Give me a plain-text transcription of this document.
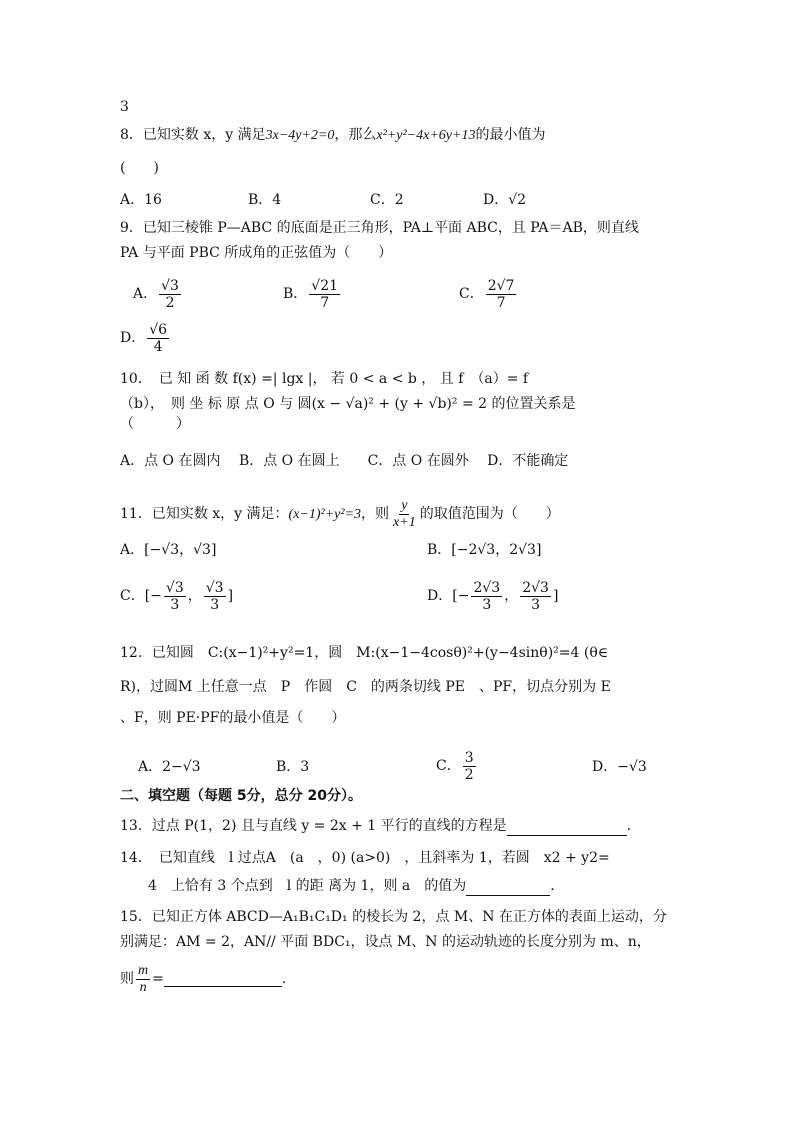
3
8．已知实数 x，y 满足3x−4y+2=0，那么x²+y²−4x+6y+13的最小值为
(　　)
A．16	B．4	C．2	D．√2
9．已知三棱锥 P—ABC 的底面是正三角形，PA⊥平面 ABC，且 PA＝AB，则直线
PA 与平面 PBC 所成角的正弦值为（　　）
A． $\frac{√3}{2}$	B． $\frac{√21}{7}$	C． $\frac{2√7}{7}$
D． $\frac{√6}{4}$
10．　已 知 函 数 f(x) =| lgx |， 若 0 < a < b ， 且 f　（a）= f
（b），　则 坐 标 原 点 O 与 圆(x − √a)² + (y + √b)² = 2 的位置关系是
（　　　）
A．点 O 在圆内　 B．点 O 在圆上　　C．点 O 在圆外　 D．不能确定
11．已知实数 x，y 满足：(x−1)²+y²=3，则 $\frac{y}{x+1}$ 的取值范围为（　　）
A．[−√3，√3]	B．[−2√3，2√3]
C．[− $\frac{√3}{3}$ ， $\frac{√3}{3}$ ]	D．[− $\frac{2√3}{3}$ ， $\frac{2√3}{3}$ ]
12．已知圆　C:(x−1)²+y²=1，圆　M:(x−1−4cosθ)²+(y−4sinθ)²=4 (θ∈
R)，过圆M 上任意一点　P　作圆　C　的两条切线 PE　、PF，切点分别为 E
、F，则 PE·PF的最小值是（　　）
A．2−√3	B．3	C． $\frac{3}{2}$	D．−√3
二、填空题（每题 5分，总分 20分）。
13．过点 P(1，2) 且与直线 y = 2x + 1 平行的直线的方程是	.
14．　已知直线　l 过点A　(a　，0) (a>0)　，且斜率为 1，若圆　x2 + y2=
4　上恰有 3 个点到　l 的距 离为 1，则 a　的值为	.
15．已知正方体 ABCD—A₁B₁C₁D₁ 的棱长为 2，点 M、N 在正方体的表面上运动，分
别满足：AM = 2，AN// 平面 BDC₁，设点 M、N 的运动轨迹的长度分别为 m、n，
则 $\frac{m}{n}$ =	.
